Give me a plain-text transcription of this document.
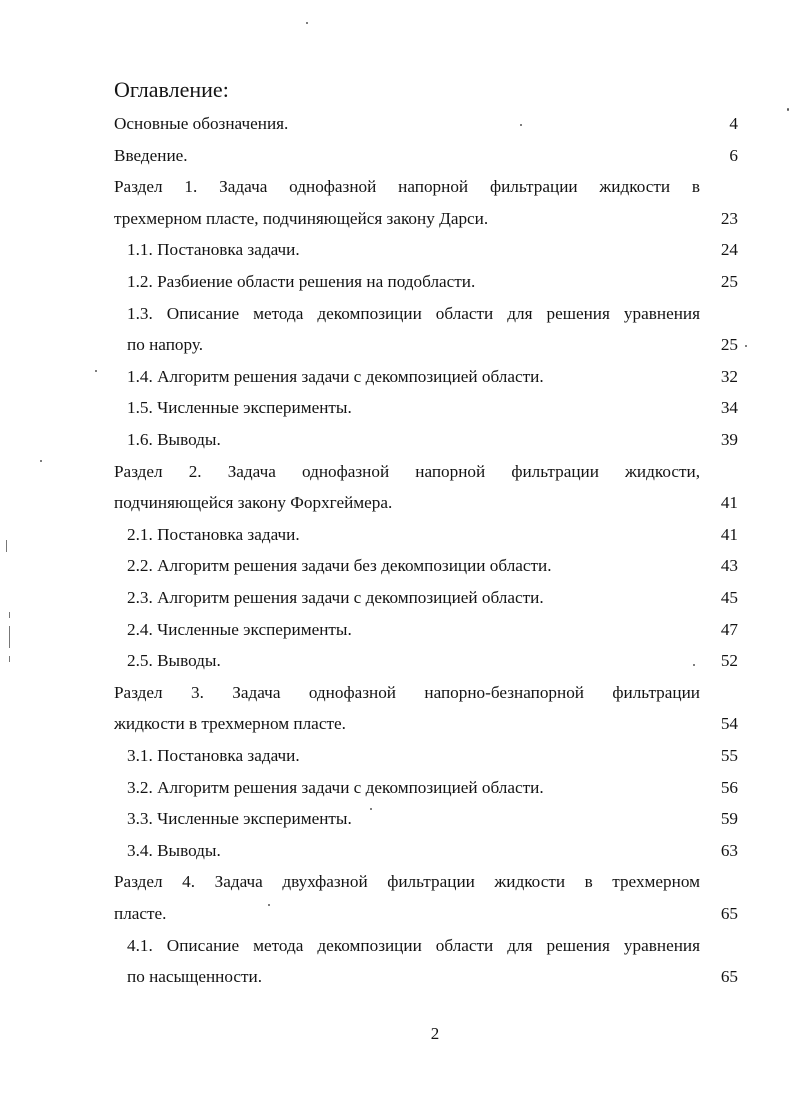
Оглавление:
Основные обозначения.	4
Введение.	6
Раздел 1. Задача однофазной напорной фильтрации жидкости в
трехмерном пласте, подчиняющейся закону Дарси.	23
1.1. Постановка задачи.	24
1.2. Разбиение области решения на подобласти.	25
1.3. Описание метода декомпозиции области для решения уравнения
по напору.	25
1.4. Алгоритм решения задачи с декомпозицией области.	32
1.5. Численные эксперименты.	34
1.6. Выводы.	39
Раздел 2. Задача однофазной напорной фильтрации жидкости,
подчиняющейся закону Форхгеймера.	41
2.1. Постановка задачи.	41
2.2. Алгоритм решения задачи без декомпозиции области.	43
2.3. Алгоритм решения задачи с декомпозицией области.	45
2.4. Численные эксперименты.	47
2.5. Выводы.	52
Раздел 3. Задача однофазной напорно-безнапорной фильтрации
жидкости в трехмерном пласте.	54
3.1. Постановка задачи.	55
3.2. Алгоритм решения задачи с декомпозицией области.	56
3.3. Численные эксперименты.	59
3.4. Выводы.	63
Раздел 4. Задача двухфазной фильтрации жидкости в трехмерном
пласте.	65
4.1. Описание метода декомпозиции области для решения уравнения
по насыщенности.	65
2
